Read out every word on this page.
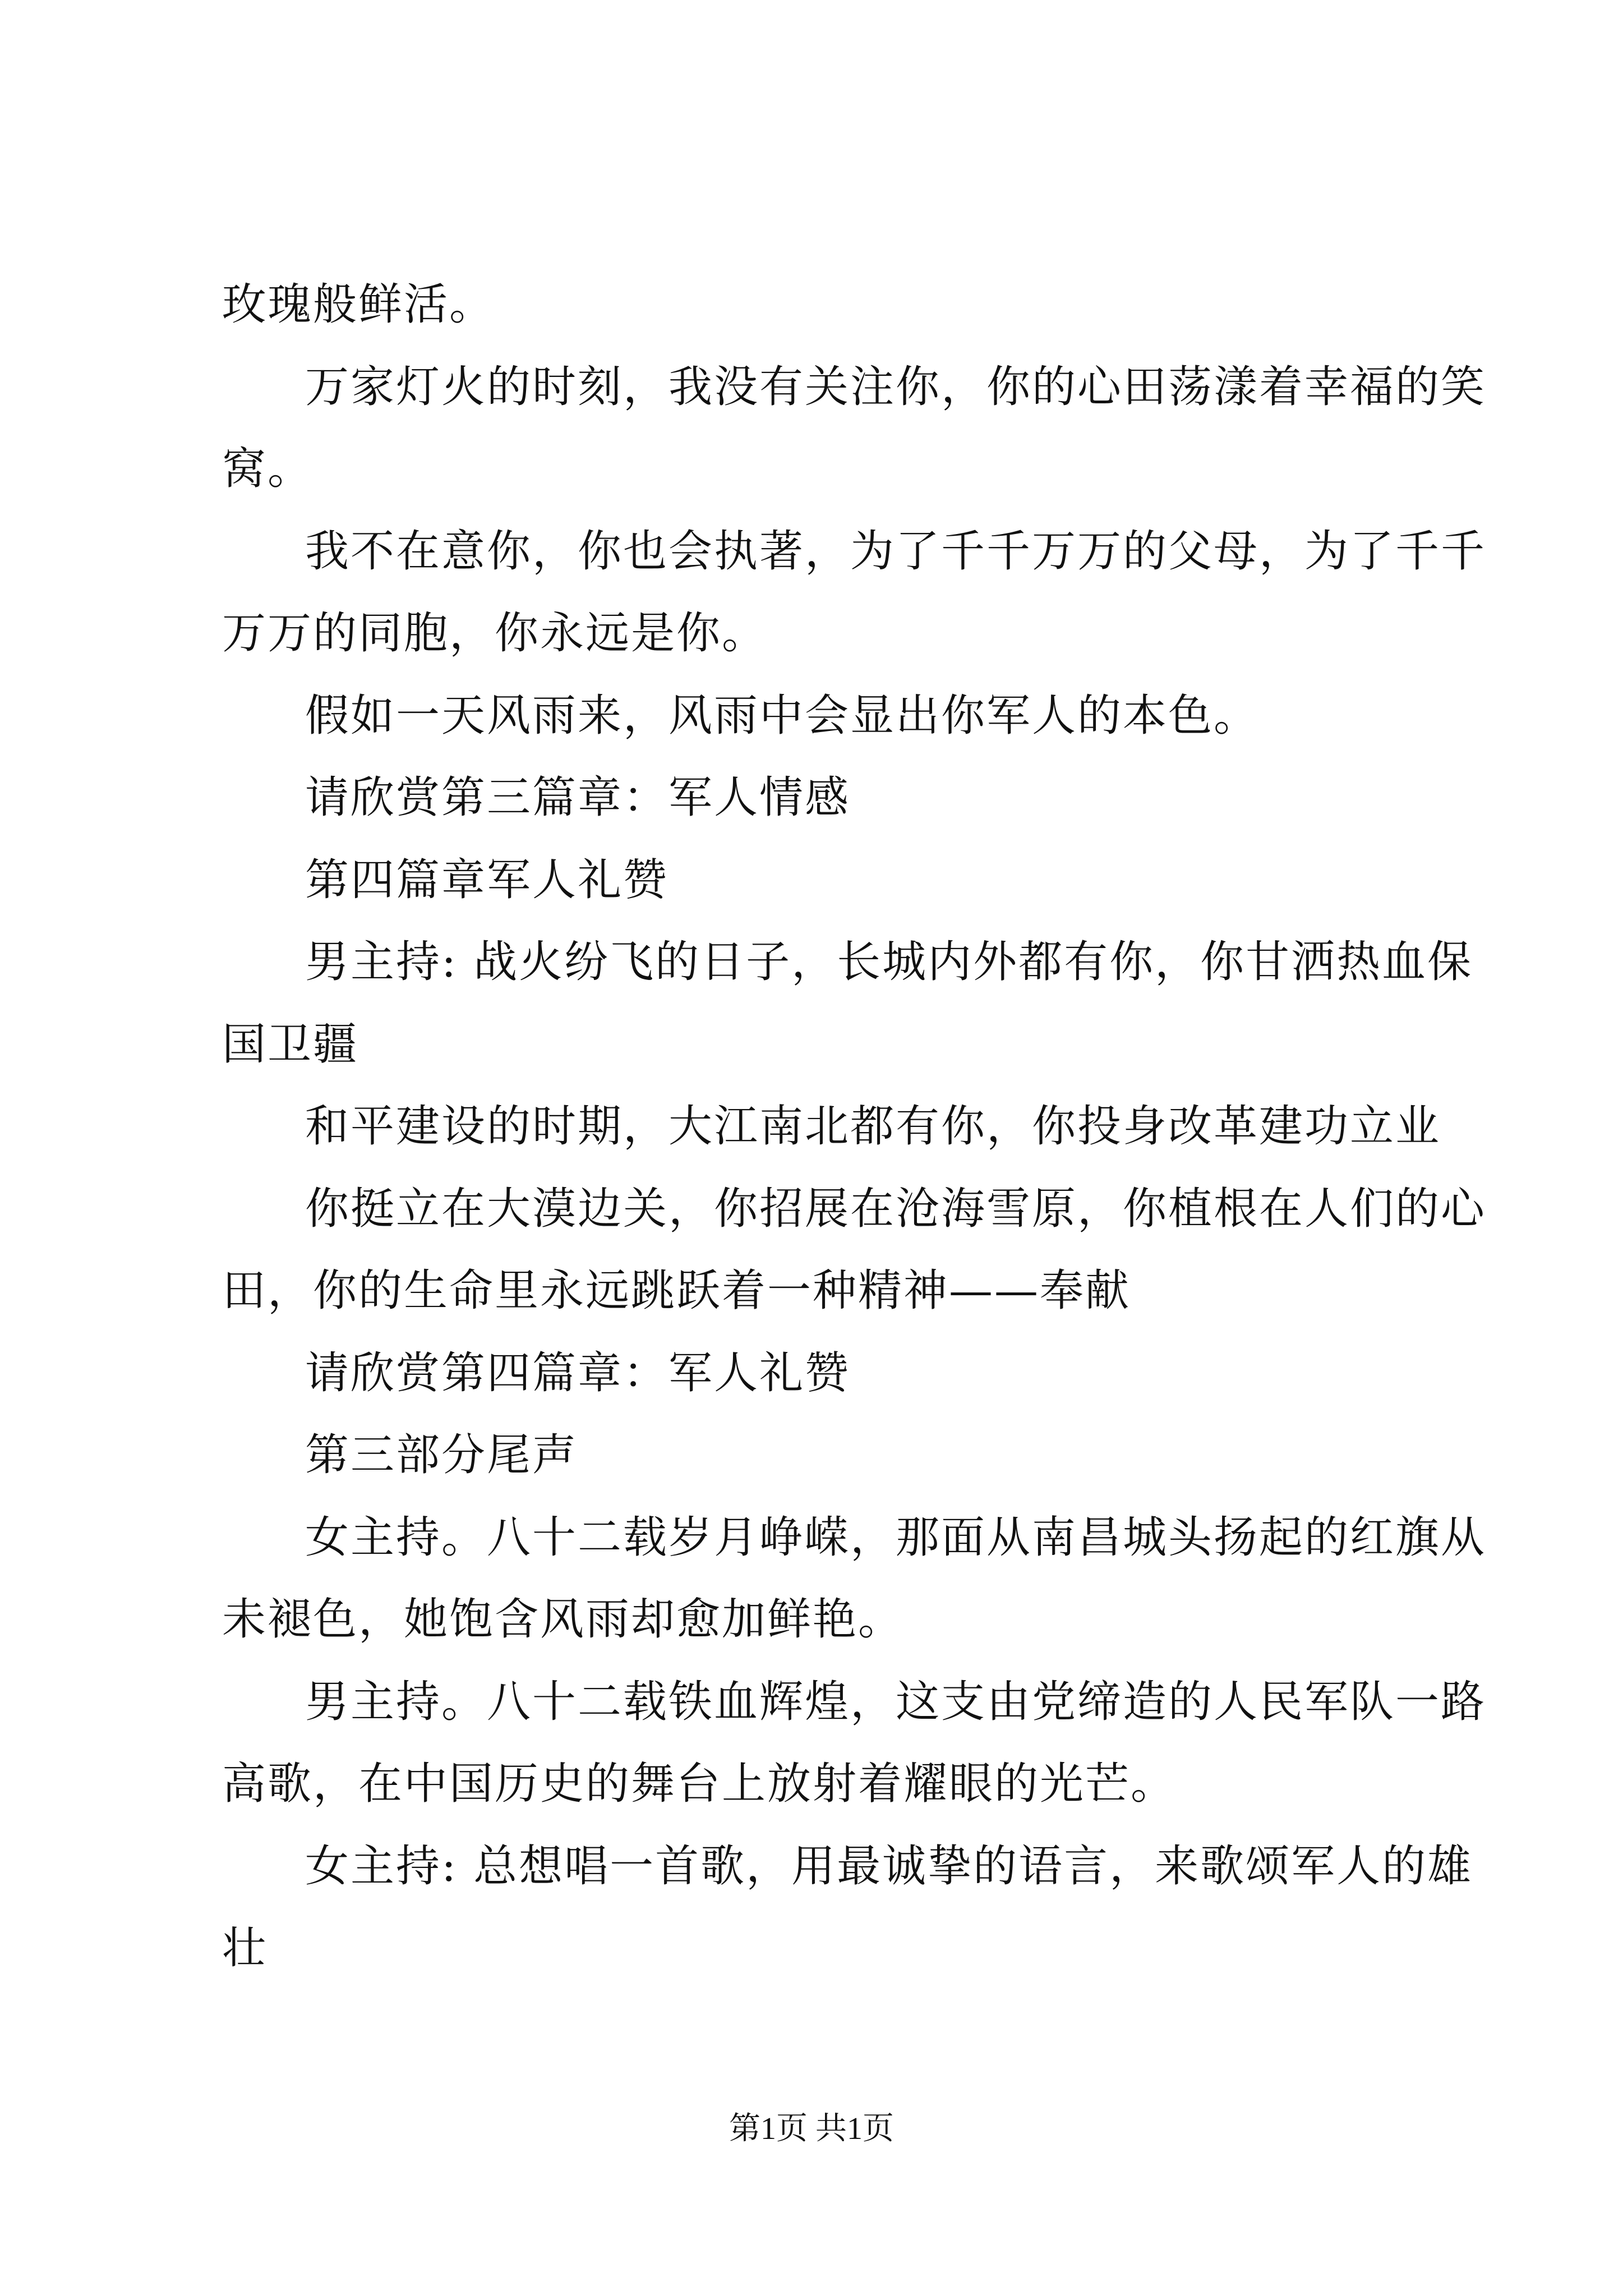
玫瑰般鲜活。
万家灯火的时刻，我没有关注你，你的心田荡漾着幸福的笑
窝。
我不在意你，你也会执著，为了千千万万的父母，为了千千
万万的同胞，你永远是你。
假如一天风雨来，风雨中会显出你军人的本色。
请欣赏第三篇章：军人情感
第四篇章军人礼赞
男主持: 战火纷飞的日子，长城内外都有你，你甘洒热血保
国卫疆
和平建设的时期，大江南北都有你，你投身改革建功立业
你挺立在大漠边关，你招展在沧海雪原，你植根在人们的心
田，你的生命里永远跳跃着一种精神——奉献
请欣赏第四篇章：军人礼赞
第三部分尾声
女主持。八十二载岁月峥嵘，那面从南昌城头扬起的红旗从
未褪色，她饱含风雨却愈加鲜艳。
男主持。八十二载铁血辉煌，这支由党缔造的人民军队一路
高歌，在中国历史的舞台上放射着耀眼的光芒。
女主持: 总想唱一首歌，用最诚挚的语言，来歌颂军人的雄
壮
第1页 共1页
